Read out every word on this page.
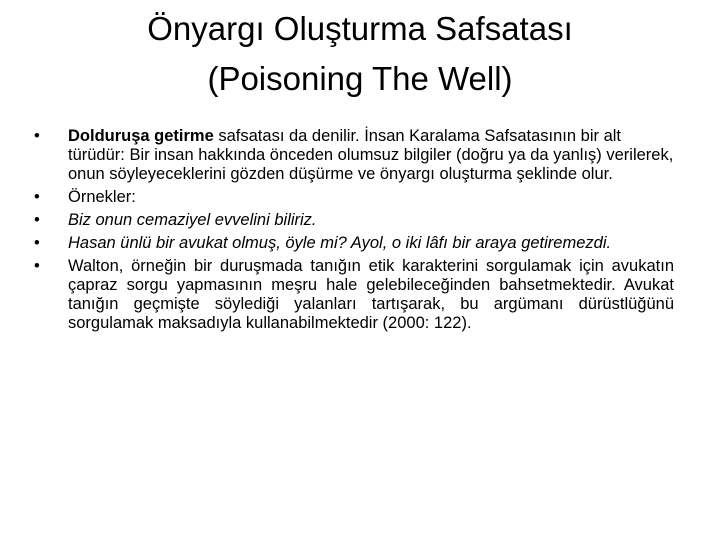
Önyargı Oluşturma Safsatası
(Poisoning The Well)
•	Dolduruşa getirme safsatası da denilir. İnsan Karalama Safsatasının bir alt türüdür: Bir insan hakkında önceden olumsuz bilgiler (doğru ya da yanlış) verilerek, onun söyleyeceklerini gözden düşürme ve önyargı oluşturma şeklinde olur.
•	Örnekler:
•	Biz onun cemaziyel evvelini biliriz.
•	Hasan ünlü bir avukat olmuş, öyle mi? Ayol, o iki lâfı bir araya getiremezdi.
•	Walton, örneğin bir duruşmada tanığın etik karakterini sorgulamak için avukatın çapraz sorgu yapmasının meşru hale gelebileceğinden bahsetmektedir. Avukat tanığın geçmişte söylediği yalanları tartışarak, bu argümanı dürüstlüğünü sorgulamak maksadıyla kullanabilmektedir (2000: 122).
